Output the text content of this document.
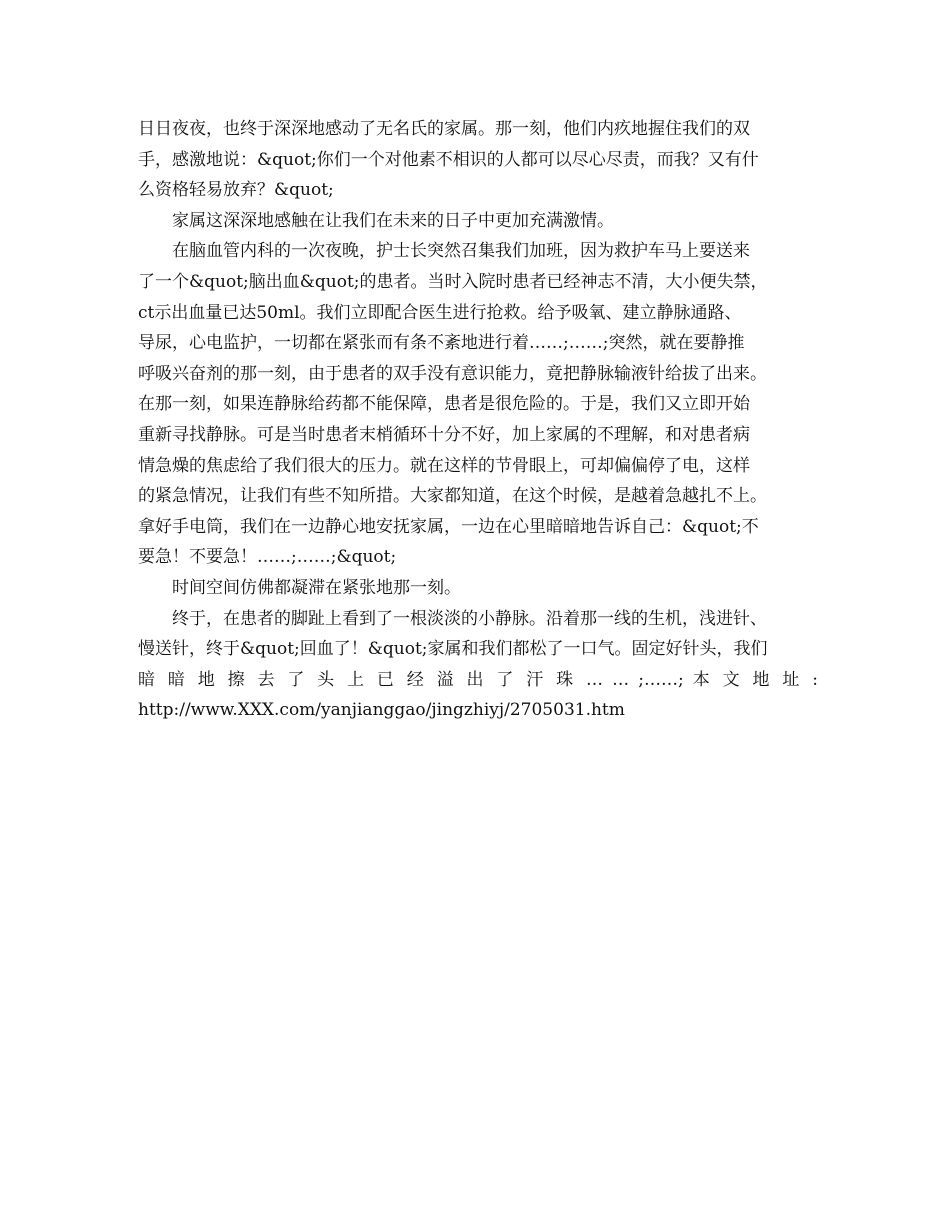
日日夜夜，也终于深深地感动了无名氏的家属。那一刻，他们内疚地握住我们的双
手，感激地说：&quot;你们一个对他素不相识的人都可以尽心尽责，而我？又有什
么资格轻易放弃？&quot;
家属这深深地感触在让我们在未来的日子中更加充满激情。
在脑血管内科的一次夜晚，护士长突然召集我们加班，因为救护车马上要送来
了一个&quot;脑出血&quot;的患者。当时入院时患者已经神志不清，大小便失禁，
ct示出血量已达50ml。我们立即配合医生进行抢救。给予吸氧、建立静脉通路、
导尿，心电监护，一切都在紧张而有条不紊地进行着……;……;突然，就在要静推
呼吸兴奋剂的那一刻，由于患者的双手没有意识能力，竟把静脉输液针给拔了出来。
在那一刻，如果连静脉给药都不能保障，患者是很危险的。于是，我们又立即开始
重新寻找静脉。可是当时患者末梢循环十分不好，加上家属的不理解，和对患者病
情急燥的焦虑给了我们很大的压力。就在这样的节骨眼上，可却偏偏停了电，这样
的紧急情况，让我们有些不知所措。大家都知道，在这个时候，是越着急越扎不上。
拿好手电筒，我们在一边静心地安抚家属，一边在心里暗暗地告诉自己：&quot;不
要急！不要急！……;……;&quot;
时间空间仿佛都凝滞在紧张地那一刻。
终于，在患者的脚趾上看到了一根淡淡的小静脉。沿着那一线的生机，浅进针、
慢送针，终于&quot;回血了！&quot;家属和我们都松了一口气。固定好针头，我们
暗 暗 地 擦 去 了 头 上 已 经 溢 出 了 汗 珠 … … ;……; 本 文 地 址 :
http://www.XXX.com/yanjianggao/jingzhiyj/2705031.htm
